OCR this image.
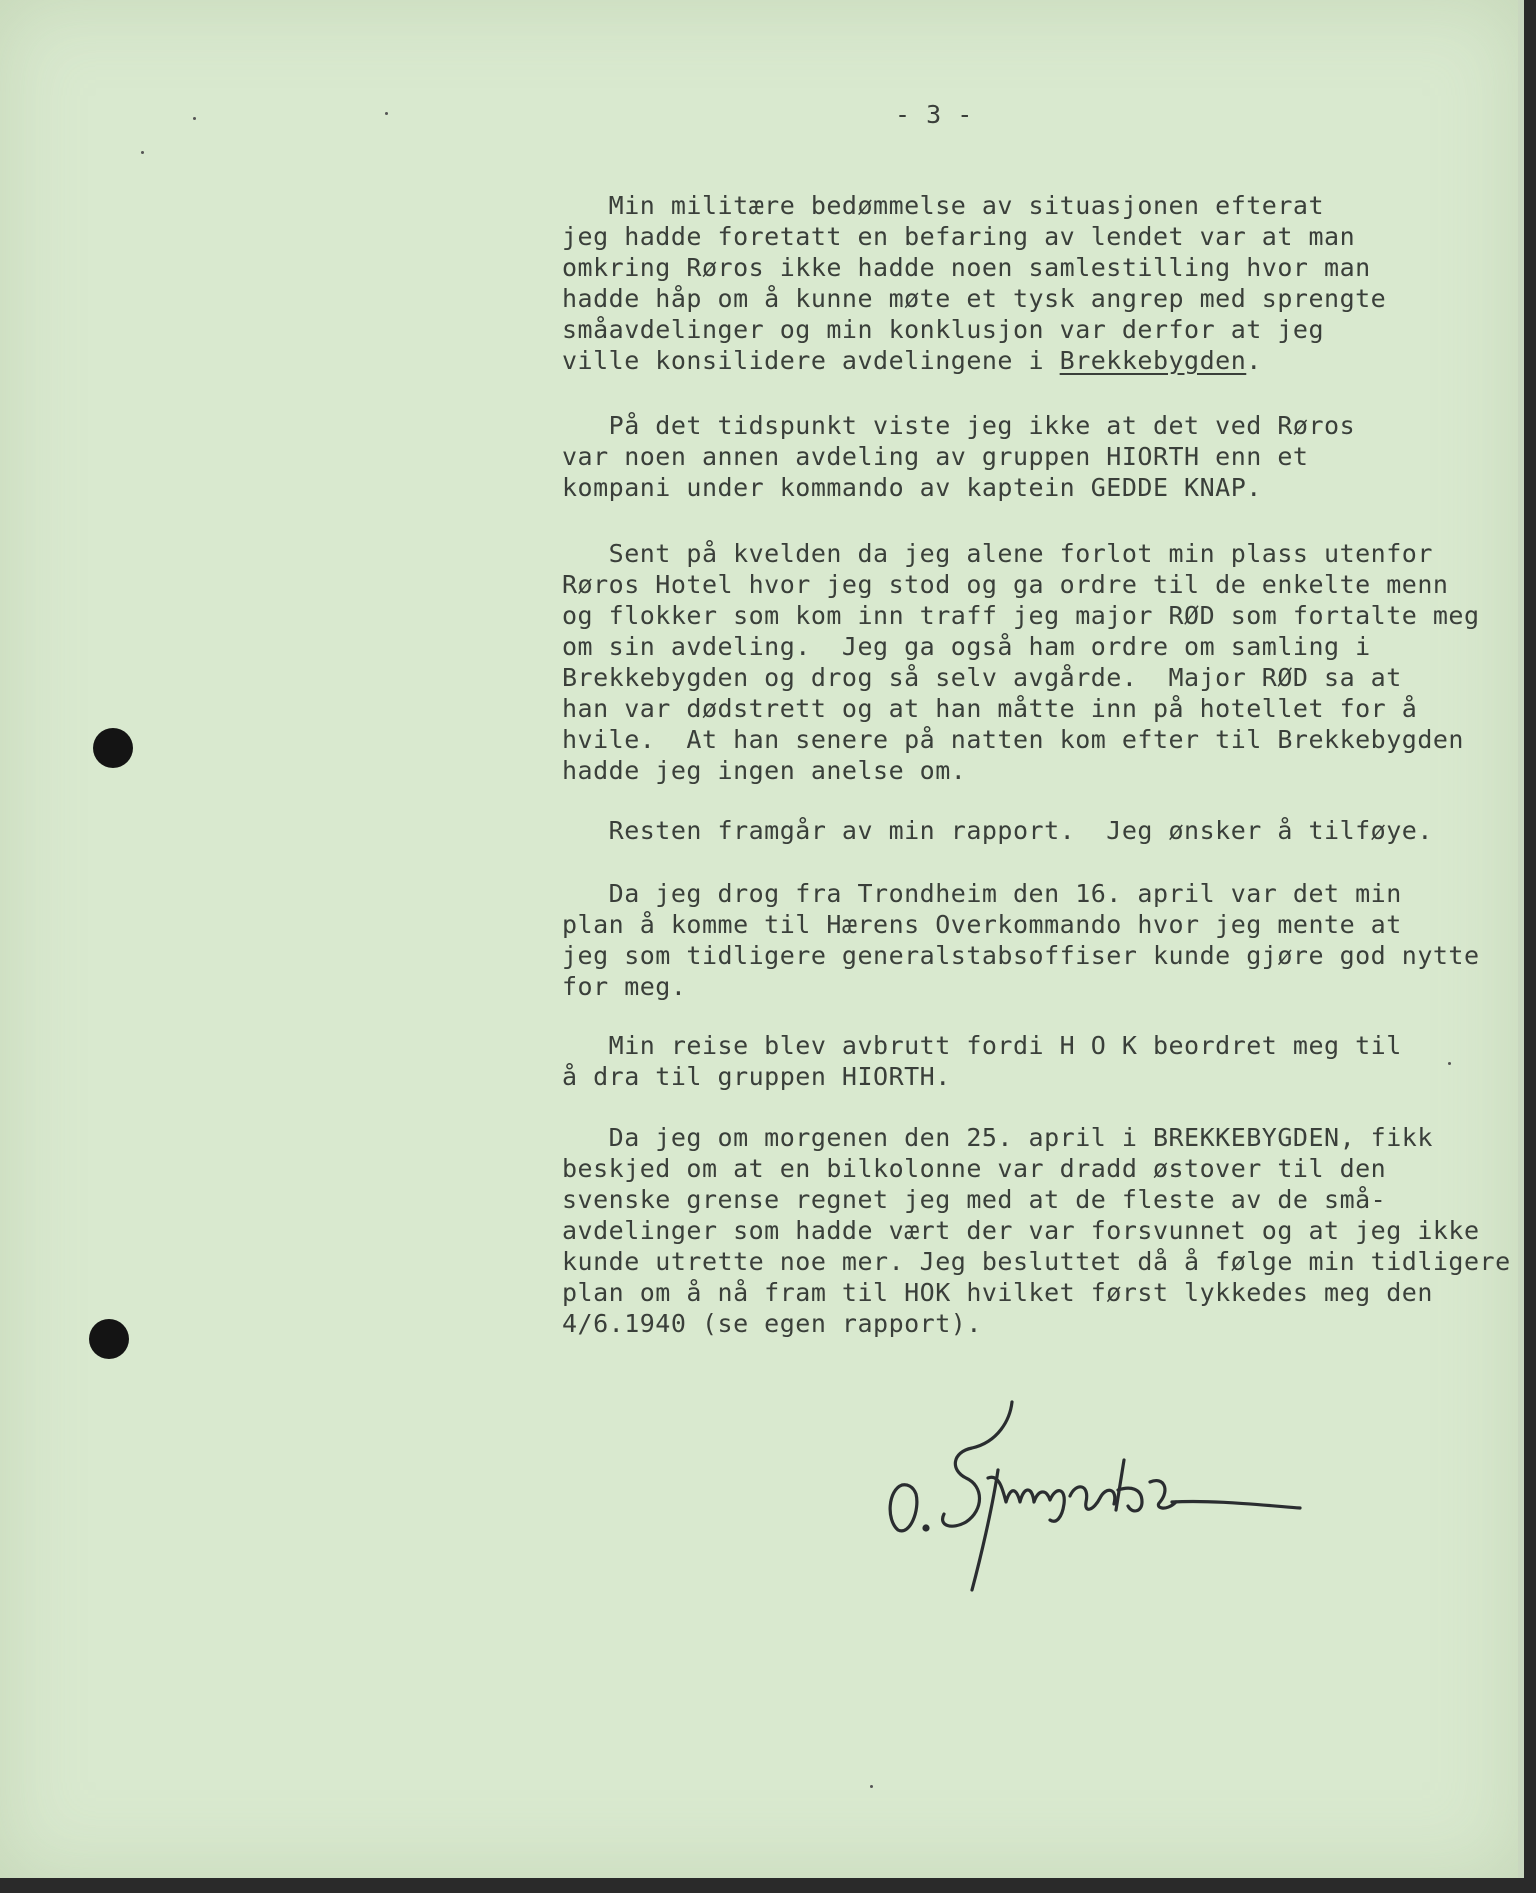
- 3 -
Min militære bedømmelse av situasjonen efterat
jeg hadde foretatt en befaring av lendet var at man
omkring Røros ikke hadde noen samlestilling hvor man
hadde håp om å kunne møte et tysk angrep med sprengte
småavdelinger og min konklusjon var derfor at jeg
ville konsilidere avdelingene i Brekkebygden.
På det tidspunkt viste jeg ikke at det ved Røros
var noen annen avdeling av gruppen HIORTH enn et
kompani under kommando av kaptein GEDDE KNAP.
Sent på kvelden da jeg alene forlot min plass utenfor
Røros Hotel hvor jeg stod og ga ordre til de enkelte menn
og flokker som kom inn traff jeg major RØD som fortalte meg
om sin avdeling.  Jeg ga også ham ordre om samling i
Brekkebygden og drog så selv avgårde.  Major RØD sa at
han var dødstrett og at han måtte inn på hotellet for å
hvile.  At han senere på natten kom efter til Brekkebygden
hadde jeg ingen anelse om.
Resten framgår av min rapport.  Jeg ønsker å tilføye.
Da jeg drog fra Trondheim den 16. april var det min
plan å komme til Hærens Overkommando hvor jeg mente at
jeg som tidligere generalstabsoffiser kunde gjøre god nytte
for meg.
Min reise blev avbrutt fordi H O K beordret meg til
å dra til gruppen HIORTH.
Da jeg om morgenen den 25. april i BREKKEBYGDEN, fikk
beskjed om at en bilkolonne var dradd østover til den
svenske grense regnet jeg med at de fleste av de små-
avdelinger som hadde vært der var forsvunnet og at jeg ikke
kunde utrette noe mer. Jeg besluttet då å følge min tidligere
plan om å nå fram til HOK hvilket først lykkedes meg den
4/6.1940 (se egen rapport).
